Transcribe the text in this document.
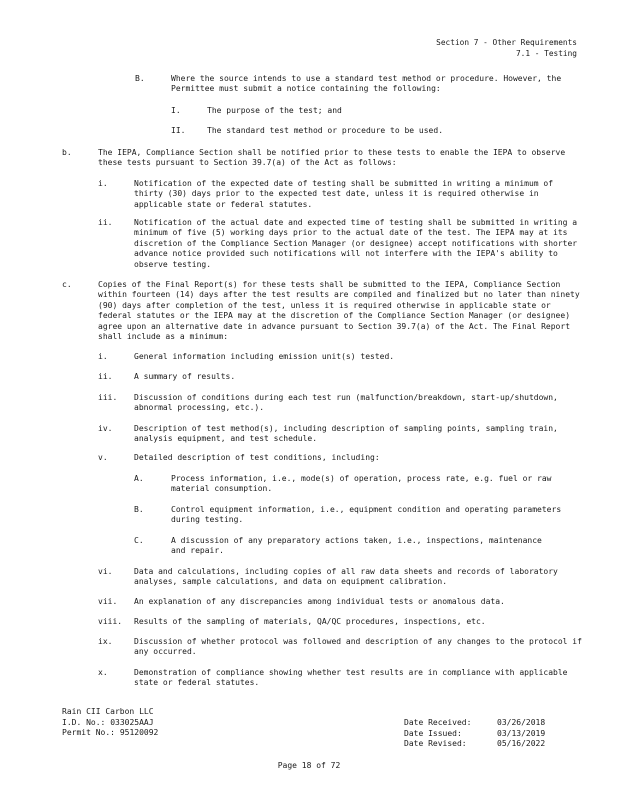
Section 7 - Other Requirements
7.1 - Testing
B.	Where the source intends to use a standard test method or procedure. However, the Permittee must submit a notice containing the following:
I.	The purpose of the test; and
II.	The standard test method or procedure to be used.
b.	The IEPA, Compliance Section shall be notified prior to these tests to enable the IEPA to observe these tests pursuant to Section 39.7(a) of the Act as follows:
i.	Notification of the expected date of testing shall be submitted in writing a minimum of thirty (30) days prior to the expected test date, unless it is required otherwise in applicable state or federal statutes.
ii.	Notification of the actual date and expected time of testing shall be submitted in writing a minimum of five (5) working days prior to the actual date of the test. The IEPA may at its discretion of the Compliance Section Manager (or designee) accept notifications with shorter advance notice provided such notifications will not interfere with the IEPA's ability to observe testing.
c.	Copies of the Final Report(s) for these tests shall be submitted to the IEPA, Compliance Section within fourteen (14) days after the test results are compiled and finalized but no later than ninety (90) days after completion of the test, unless it is required otherwise in applicable state or federal statutes or the IEPA may at the discretion of the Compliance Section Manager (or designee) agree upon an alternative date in advance pursuant to Section 39.7(a) of the Act. The Final Report shall include as a minimum:
i.	General information including emission unit(s) tested.
ii.	A summary of results.
iii. Discussion of conditions during each test run (malfunction/breakdown, start-up/shutdown, abnormal processing, etc.).
iv.	Description of test method(s), including description of sampling points, sampling train, analysis equipment, and test schedule.
v.	Detailed description of test conditions, including:
A.	Process information, i.e., mode(s) of operation, process rate, e.g. fuel or raw material consumption.
B.	Control equipment information, i.e., equipment condition and operating parameters during testing.
C.	A discussion of any preparatory actions taken, i.e., inspections, maintenance and repair.
vi.	Data and calculations, including copies of all raw data sheets and records of laboratory analyses, sample calculations, and data on equipment calibration.
vii. An explanation of any discrepancies among individual tests or anomalous data.
viii. Results of the sampling of materials, QA/QC procedures, inspections, etc.
ix.	Discussion of whether protocol was followed and description of any changes to the protocol if any occurred.
x.	Demonstration of compliance showing whether test results are in compliance with applicable state or federal statutes.
Rain CII Carbon LLC
I.D. No.: 033025AAJ
Permit No.: 95120092
Date Received:	03/26/2018
Date Issued:	03/13/2019
Date Revised:	05/16/2022
Page 18 of 72
